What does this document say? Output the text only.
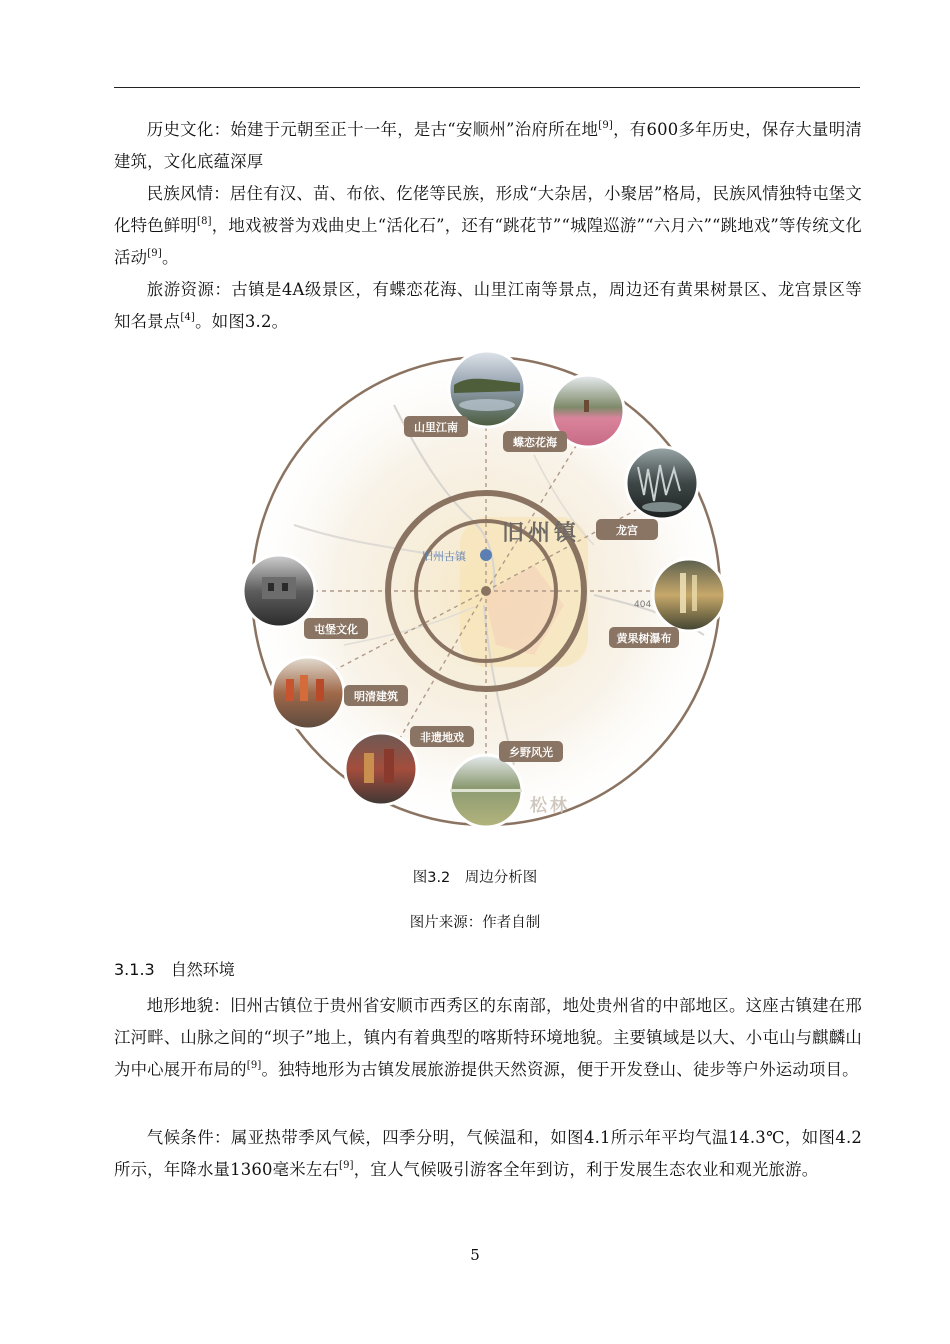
历史文化：始建于元朝至正十一年，是古“安顺州”治府所在地[9]，有600多年历史，保存大量明清建筑，文化底蕴深厚

民族风情：居住有汉、苗、布依、仡佬等民族，形成“大杂居，小聚居”格局，民族风情独特屯堡文化特色鲜明[8]，地戏被誉为戏曲史上“活化石”，还有“跳花节”“城隍巡游”“六月六”“跳地戏”等传统文化活动[9]。

旅游资源：古镇是4A级景区，有蝶恋花海、山里江南等景点，周边还有黄果树景区、龙宫景区等知名景点[4]。如图3.2。

旧州镇
旧州古镇
404
松林
山里江南
蝶恋花海
龙宫
黄果树瀑布
屯堡文化
明清建筑
非遗地戏
乡野风光
图3.2　周边分析图
图片来源：作者自制
3.1.3　自然环境

地形地貌：旧州古镇位于贵州省安顺市西秀区的东南部，地处贵州省的中部地区。这座古镇建在邢江河畔、山脉之间的“坝子”地上，镇内有着典型的喀斯特环境地貌。主要镇域是以大、小屯山与麒麟山为中心展开布局的[9]。独特地形为古镇发展旅游提供天然资源，便于开发登山、徒步等户外运动项目。

气候条件：属亚热带季风气候，四季分明，气候温和，如图4.1所示年平均气温14.3℃，如图4.2所示，年降水量1360毫米左右[9]，宜人气候吸引游客全年到访，利于发展生态农业和观光旅游。

5
